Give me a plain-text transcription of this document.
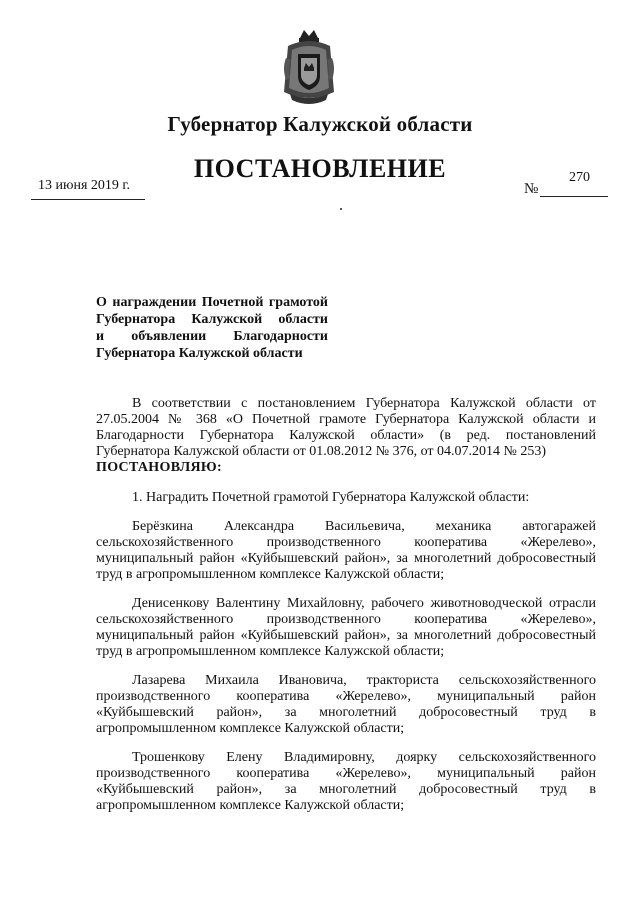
Губернатор Калужской области
ПОСТАНОВЛЕНИЕ
13 июня 2019 г.
270
№
О награждении Почетной грамотой
Губернатора Калужской области
и объявлении Благодарности
Губернатора Калужской области

В соответствии с постановлением Губернатора Калужской области от 27.05.2004 № 368 «О Почетной грамоте Губернатора Калужской области и Благодарности Губернатора Калужской области» (в ред. постановлений Губернатора Калужской области от 01.08.2012 № 376, от 04.07.2014 № 253)

ПОСТАНОВЛЯЮ:

1. Наградить Почетной грамотой Губернатора Калужской области:

Берёзкина Александра Васильевича, механика автогаражей сельскохозяйственного производственного кооператива «Жерелево», муниципальный район «Куйбышевский район», за многолетний добросовестный труд в агропромышленном комплексе Калужской области;

Денисенкову Валентину Михайловну, рабочего животноводческой отрасли сельскохозяйственного производственного кооператива «Жерелево», муниципальный район «Куйбышевский район», за многолетний добросовестный труд в агропромышленном комплексе Калужской области;

Лазарева Михаила Ивановича, тракториста сельскохозяйственного производственного кооператива «Жерелево», муниципальный район «Куйбышевский район», за многолетний добросовестный труд в агропромышленном комплексе Калужской области;

Трошенкову Елену Владимировну, доярку сельскохозяйственного производственного кооператива «Жерелево», муниципальный район «Куйбышевский район», за многолетний добросовестный труд в агропромышленном комплексе Калужской области;
